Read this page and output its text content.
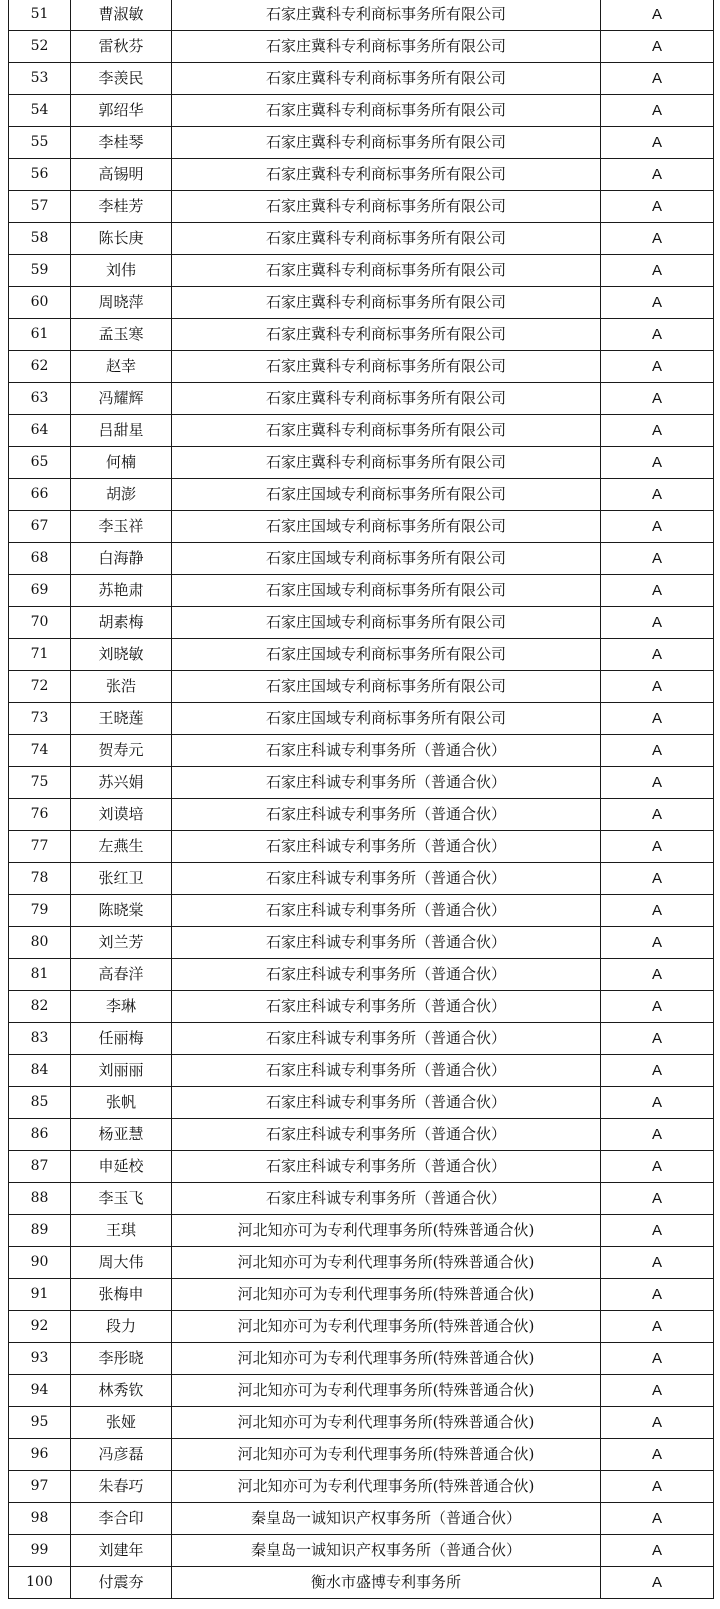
51	曹淑敏	石家庄冀科专利商标事务所有限公司	A
52	雷秋芬	石家庄冀科专利商标事务所有限公司	A
53	李羡民	石家庄冀科专利商标事务所有限公司	A
54	郭绍华	石家庄冀科专利商标事务所有限公司	A
55	李桂琴	石家庄冀科专利商标事务所有限公司	A
56	高锡明	石家庄冀科专利商标事务所有限公司	A
57	李桂芳	石家庄冀科专利商标事务所有限公司	A
58	陈长庚	石家庄冀科专利商标事务所有限公司	A
59	刘伟	石家庄冀科专利商标事务所有限公司	A
60	周晓萍	石家庄冀科专利商标事务所有限公司	A
61	孟玉寒	石家庄冀科专利商标事务所有限公司	A
62	赵幸	石家庄冀科专利商标事务所有限公司	A
63	冯耀辉	石家庄冀科专利商标事务所有限公司	A
64	吕甜星	石家庄冀科专利商标事务所有限公司	A
65	何楠	石家庄冀科专利商标事务所有限公司	A
66	胡澎	石家庄国域专利商标事务所有限公司	A
67	李玉祥	石家庄国域专利商标事务所有限公司	A
68	白海静	石家庄国域专利商标事务所有限公司	A
69	苏艳肃	石家庄国域专利商标事务所有限公司	A
70	胡素梅	石家庄国域专利商标事务所有限公司	A
71	刘晓敏	石家庄国域专利商标事务所有限公司	A
72	张浩	石家庄国域专利商标事务所有限公司	A
73	王晓莲	石家庄国域专利商标事务所有限公司	A
74	贺寿元	石家庄科诚专利事务所（普通合伙）	A
75	苏兴娟	石家庄科诚专利事务所（普通合伙）	A
76	刘谟培	石家庄科诚专利事务所（普通合伙）	A
77	左燕生	石家庄科诚专利事务所（普通合伙）	A
78	张红卫	石家庄科诚专利事务所（普通合伙）	A
79	陈晓棠	石家庄科诚专利事务所（普通合伙）	A
80	刘兰芳	石家庄科诚专利事务所（普通合伙）	A
81	高春洋	石家庄科诚专利事务所（普通合伙）	A
82	李琳	石家庄科诚专利事务所（普通合伙）	A
83	任丽梅	石家庄科诚专利事务所（普通合伙）	A
84	刘丽丽	石家庄科诚专利事务所（普通合伙）	A
85	张帆	石家庄科诚专利事务所（普通合伙）	A
86	杨亚慧	石家庄科诚专利事务所（普通合伙）	A
87	申延校	石家庄科诚专利事务所（普通合伙）	A
88	李玉飞	石家庄科诚专利事务所（普通合伙）	A
89	王琪	河北知亦可为专利代理事务所(特殊普通合伙)	A
90	周大伟	河北知亦可为专利代理事务所(特殊普通合伙)	A
91	张梅申	河北知亦可为专利代理事务所(特殊普通合伙)	A
92	段力	河北知亦可为专利代理事务所(特殊普通合伙)	A
93	李彤晓	河北知亦可为专利代理事务所(特殊普通合伙)	A
94	林秀钦	河北知亦可为专利代理事务所(特殊普通合伙)	A
95	张娅	河北知亦可为专利代理事务所(特殊普通合伙)	A
96	冯彦磊	河北知亦可为专利代理事务所(特殊普通合伙)	A
97	朱春巧	河北知亦可为专利代理事务所(特殊普通合伙)	A
98	李合印	秦皇岛一诚知识产权事务所（普通合伙）	A
99	刘建年	秦皇岛一诚知识产权事务所（普通合伙）	A
100	付震夯	衡水市盛博专利事务所	A
